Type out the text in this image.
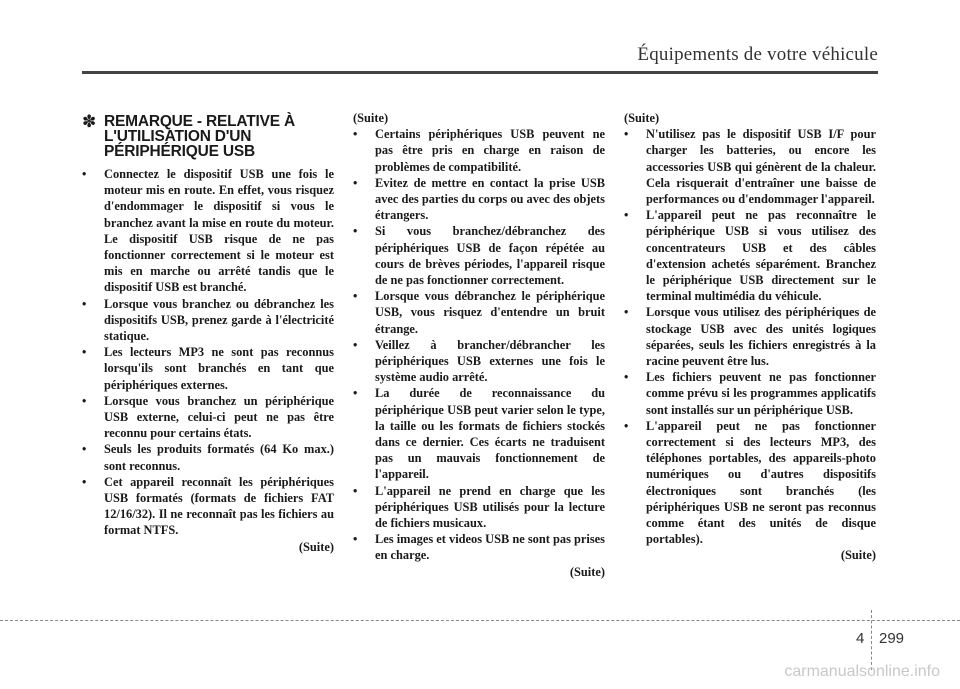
Équipements de votre véhicule
✽ REMARQUE - RELATIVE À
L'UTILISATION D'UN
PÉRIPHÉRIQUE USB
• Connectez le dispositif USB une fois le moteur mis en route. En effet, vous risquez d'endommager le dispositif si vous le branchez avant la mise en route du moteur. Le dispositif USB risque de ne pas fonctionner correctement si le moteur est mis en marche ou arrêté tandis que le dispositif USB est branché.
• Lorsque vous branchez ou débranchez les dispositifs USB, prenez garde à l'électricité statique.
• Les lecteurs MP3 ne sont pas reconnus lorsqu'ils sont branchés en tant que périphériques externes.
• Lorsque vous branchez un périphérique USB externe, celui-ci peut ne pas être reconnu pour certains états.
• Seuls les produits formatés (64 Ko max.) sont reconnus.
• Cet appareil reconnaît les périphériques USB formatés (formats de fichiers FAT 12/16/32). Il ne reconnaît pas les fichiers au format NTFS.
(Suite)
(Suite)
• Certains périphériques USB peuvent ne pas être pris en charge en raison de problèmes de compatibilité.
• Evitez de mettre en contact la prise USB avec des parties du corps ou avec des objets étrangers.
• Si vous branchez/débranchez des périphériques USB de façon répétée au cours de brèves périodes, l'appareil risque de ne pas fonctionner correctement.
• Lorsque vous débranchez le périphérique USB, vous risquez d'entendre un bruit étrange.
• Veillez à brancher/débrancher les périphériques USB externes une fois le système audio arrêté.
• La durée de reconnaissance du périphérique USB peut varier selon le type, la taille ou les formats de fichiers stockés dans ce dernier. Ces écarts ne traduisent pas un mauvais fonctionnement de l'appareil.
• L'appareil ne prend en charge que les périphériques USB utilisés pour la lecture de fichiers musicaux.
• Les images et videos USB ne sont pas prises en charge.
(Suite)
(Suite)
• N'utilisez pas le dispositif USB I/F pour charger les batteries, ou encore les accessories USB qui génèrent de la chaleur. Cela risquerait d'entraîner une baisse de performances ou d'endommager l'appareil.
• L'appareil peut ne pas reconnaître le périphérique USB si vous utilisez des concentrateurs USB et des câbles d'extension achetés séparément. Branchez le périphérique USB directement sur le terminal multimédia du véhicule.
• Lorsque vous utilisez des périphériques de stockage USB avec des unités logiques séparées, seuls les fichiers enregistrés à la racine peuvent être lus.
• Les fichiers peuvent ne pas fonctionner comme prévu si les programmes applicatifs sont installés sur un périphérique USB.
• L'appareil peut ne pas fonctionner correctement si des lecteurs MP3, des téléphones portables, des appareils-photo numériques ou d'autres dispositifs électroniques sont branchés (les périphériques USB ne seront pas reconnus comme étant des unités de disque portables).
(Suite)
4 299
carmanualsonline.info
